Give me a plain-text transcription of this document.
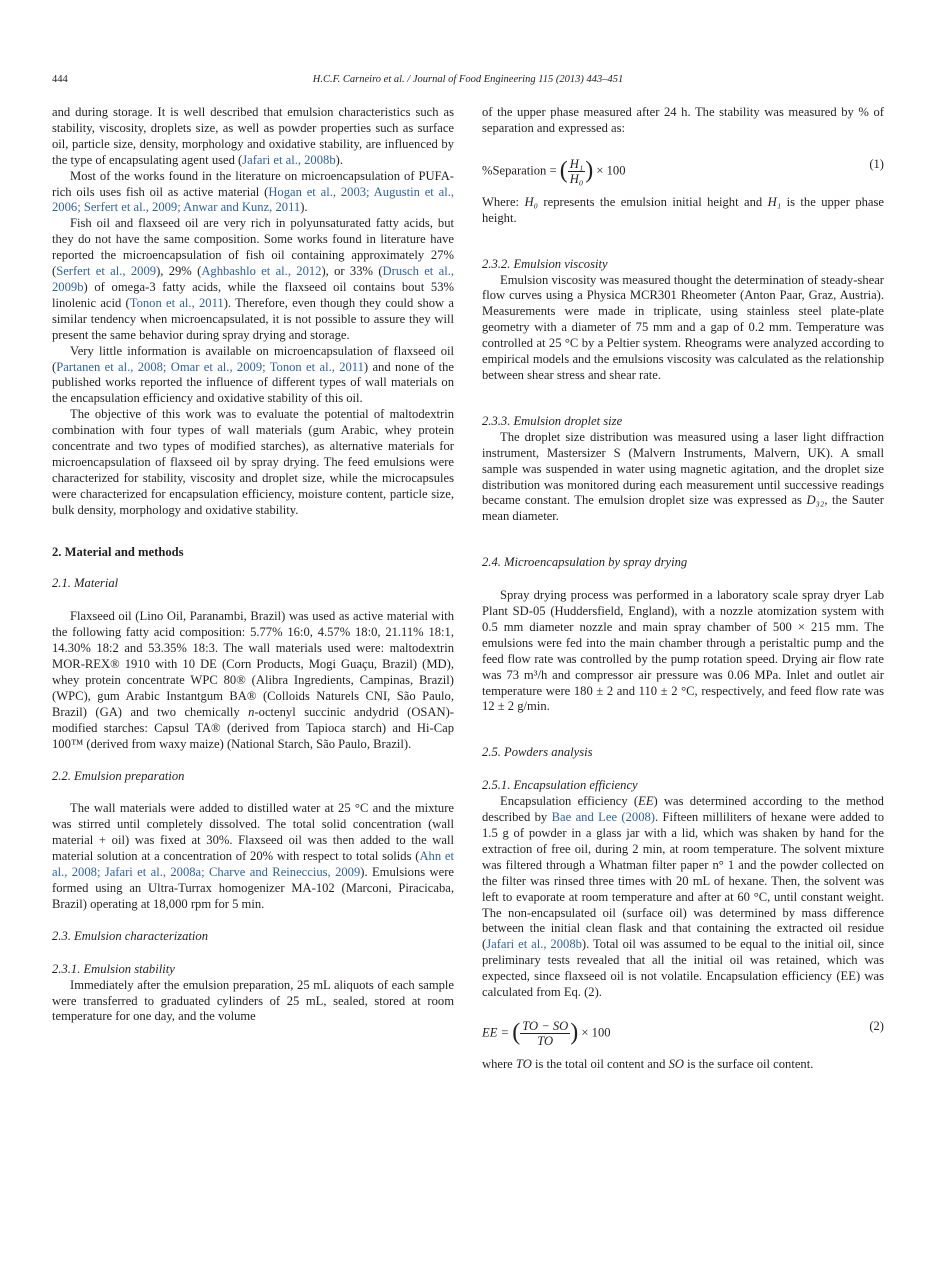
444	H.C.F. Carneiro et al. / Journal of Food Engineering 115 (2013) 443–451

and during storage. It is well described that emulsion characteristics such as stability, viscosity, droplets size, as well as powder properties such as surface oil, particle size, density, morphology and oxidative stability, are influenced by the type of encapsulating agent used (Jafari et al., 2008b).

Most of the works found in the literature on microencapsulation of PUFA-rich oils uses fish oil as active material (Hogan et al., 2003; Augustin et al., 2006; Serfert et al., 2009; Anwar and Kunz, 2011).

Fish oil and flaxseed oil are very rich in polyunsaturated fatty acids, but they do not have the same composition. Some works found in literature have reported the microencapsulation of fish oil containing approximately 27% (Serfert et al., 2009), 29% (Aghbashlo et al., 2012), or 33% (Drusch et al., 2009b) of omega-3 fatty acids, while the flaxseed oil contains bout 53% linolenic acid (Tonon et al., 2011). Therefore, even though they could show a similar tendency when microencapsulated, it is not possible to assure they will present the same behavior during spray drying and storage.

Very little information is available on microencapsulation of flaxseed oil (Partanen et al., 2008; Omar et al., 2009; Tonon et al., 2011) and none of the published works reported the influence of different types of wall materials on the encapsulation efficiency and oxidative stability of this oil.

The objective of this work was to evaluate the potential of maltodextrin combination with four types of wall materials (gum Arabic, whey protein concentrate and two types of modified starches), as alternative materials for microencapsulation of flaxseed oil by spray drying. The feed emulsions were characterized for stability, viscosity and droplet size, while the microcapsules were characterized for encapsulation efficiency, moisture content, particle size, bulk density, morphology and oxidative stability.

2. Material and methods
2.1. Material

Flaxseed oil (Lino Oil, Paranambi, Brazil) was used as active material with the following fatty acid composition: 5.77% 16:0, 4.57% 18:0, 21.11% 18:1, 14.30% 18:2 and 53.35% 18:3. The wall materials used were: maltodextrin MOR-REX® 1910 with 10 DE (Corn Products, Mogi Guaçu, Brazil) (MD), whey protein concentrate WPC 80® (Alibra Ingredients, Campinas, Brazil) (WPC), gum Arabic Instantgum BA® (Colloids Naturels CNI, São Paulo, Brazil) (GA) and two chemically n-octenyl succinic andydrid (OSAN)-modified starches: Capsul TA® (derived from Tapioca starch) and Hi-Cap 100™ (derived from waxy maize) (National Starch, São Paulo, Brazil).

2.2. Emulsion preparation

The wall materials were added to distilled water at 25 °C and the mixture was stirred until completely dissolved. The total solid concentration (wall material + oil) was fixed at 30%. Flaxseed oil was then added to the wall material solution at a concentration of 20% with respect to total solids (Ahn et al., 2008; Jafari et al., 2008a; Charve and Reineccius, 2009). Emulsions were formed using an Ultra-Turrax homogenizer MA-102 (Marconi, Piracicaba, Brazil) operating at 18,000 rpm for 5 min.

2.3. Emulsion characterization
2.3.1. Emulsion stability

Immediately after the emulsion preparation, 25 mL aliquots of each sample were transferred to graduated cylinders of 25 mL, sealed, stored at room temperature for one day, and the volume

of the upper phase measured after 24 h. The stability was measured by % of separation and expressed as:

%Separation = ( $\frac{\text{H₁}}{\text{H₀}}$ ) × 100	(1)

Where: H₀ represents the emulsion initial height and H₁ is the upper phase height.

2.3.2. Emulsion viscosity

Emulsion viscosity was measured thought the determination of steady-shear flow curves using a Physica MCR301 Rheometer (Anton Paar, Graz, Austria). Measurements were made in triplicate, using stainless steel plate-plate geometry with a diameter of 75 mm and a gap of 0.2 mm. Temperature was controlled at 25 °C by a Peltier system. Rheograms were analyzed according to empirical models and the emulsions viscosity was calculated as the relationship between shear stress and shear rate.

2.3.3. Emulsion droplet size

The droplet size distribution was measured using a laser light diffraction instrument, Mastersizer S (Malvern Instruments, Malvern, UK). A small sample was suspended in water using magnetic agitation, and the droplet size distribution was monitored during each measurement until successive readings became constant. The emulsion droplet size was expressed as D₃₂, the Sauter mean diameter.

2.4. Microencapsulation by spray drying

Spray drying process was performed in a laboratory scale spray dryer Lab Plant SD-05 (Huddersfield, England), with a nozzle atomization system with 0.5 mm diameter nozzle and main spray chamber of 500 × 215 mm. The emulsions were fed into the main chamber through a peristaltic pump and the feed flow rate was controlled by the pump rotation speed. Drying air flow rate was 73 m³/h and compressor air pressure was 0.06 MPa. Inlet and outlet air temperature were 180 ± 2 and 110 ± 2 °C, respectively, and feed flow rate was 12 ± 2 g/min.

2.5. Powders analysis
2.5.1. Encapsulation efficiency

Encapsulation efficiency (EE) was determined according to the method described by Bae and Lee (2008). Fifteen milliliters of hexane were added to 1.5 g of powder in a glass jar with a lid, which was shaken by hand for the extraction of free oil, during 2 min, at room temperature. The solvent mixture was filtered through a Whatman filter paper n° 1 and the powder collected on the filter was rinsed three times with 20 mL of hexane. Then, the solvent was left to evaporate at room temperature and after at 60 °C, until constant weight. The non-encapsulated oil (surface oil) was determined by mass difference between the initial clean flask and that containing the extracted oil residue (Jafari et al., 2008b). Total oil was assumed to be equal to the initial oil, since preliminary tests revealed that all the initial oil was retained, which was expected, since flaxseed oil is not volatile. Encapsulation efficiency (EE) was calculated from Eq. (2).

EE = ( $\frac{TO - SO}{TO}$ ) × 100	(2)

where TO is the total oil content and SO is the surface oil content.
